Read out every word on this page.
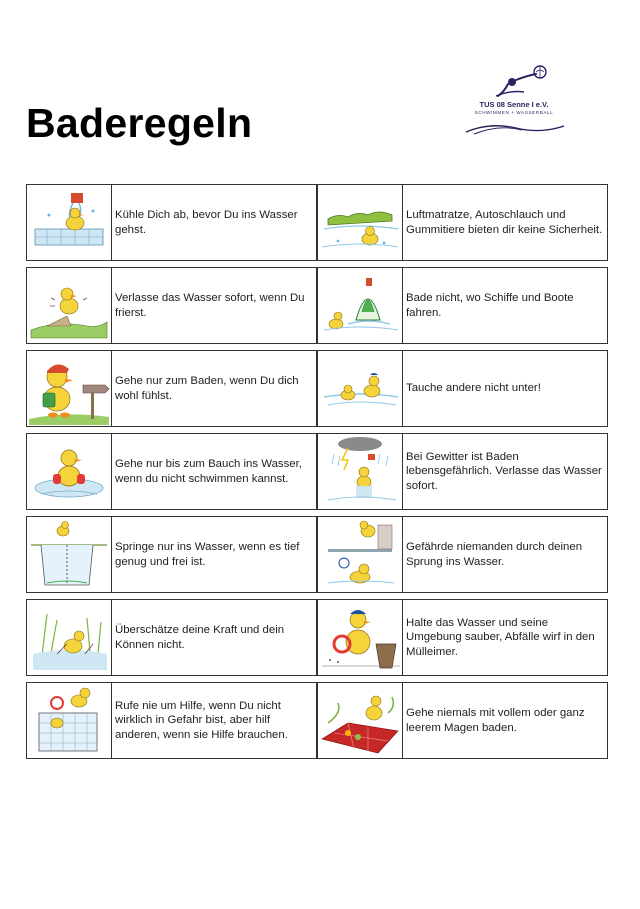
Baderegeln	TUS 08 Senne I e.V.
SCHWIMMEN + WASSERBALL
Kühle Dich ab, bevor Du ins Wasser gehst.
Luftmatratze, Autoschlauch und Gummitiere bieten dir keine Sicherheit.
Verlasse das Wasser sofort, wenn Du frierst.
Bade nicht, wo Schiffe und Boote fahren.
Gehe nur zum Baden, wenn Du dich wohl fühlst.
Tauche andere nicht unter!
Gehe nur bis zum Bauch ins Wasser, wenn du nicht schwimmen kannst.
Bei Gewitter ist Baden lebensgefährlich. Verlasse das Wasser sofort.
Springe nur ins Wasser, wenn es tief genug und frei ist.
Gefährde niemanden durch deinen Sprung ins Wasser.
Überschätze deine Kraft und dein Können nicht.
Halte das Wasser und seine Umgebung sauber, Abfälle wirf in den Mülleimer.
Rufe nie um Hilfe, wenn Du nicht wirklich in Gefahr bist, aber hilf anderen, wenn sie Hilfe brauchen.
Gehe niemals mit vollem oder ganz leerem Magen baden.
